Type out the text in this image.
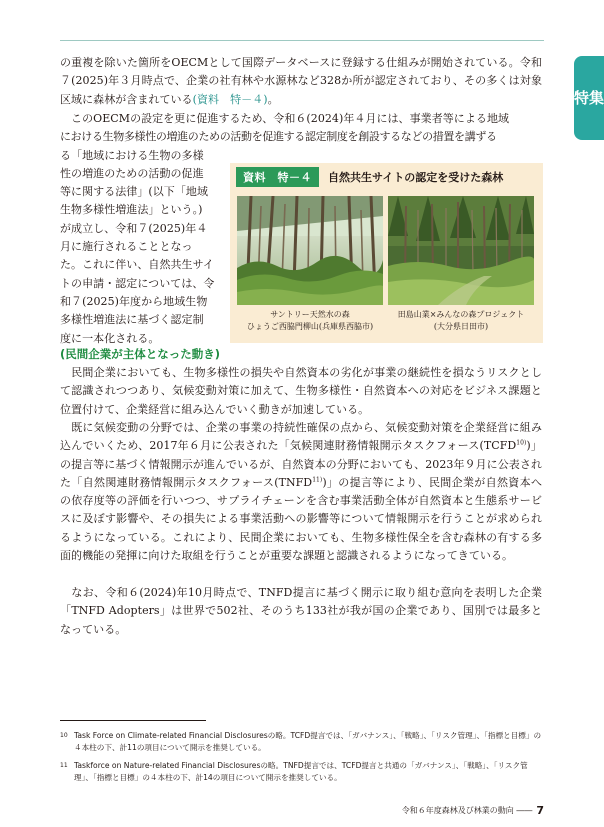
特集

の重複を除いた箇所をOECMとして国際データベースに登録する仕組みが開始されている。令和７(2025)年３月時点で、企業の社有林や水源林など328か所が認定されており、その多くは対象区域に森林が含まれている(資料　特－４)。

　このOECMの設定を更に促進するため、令和６(2024)年４月には、事業者等による地域
における生物多様性の増進のための活動を促進する認定制度を創設するなどの措置を講ずる
る「地域における生物の多様
性の増進のための活動の促進
等に関する法律」(以下「地域
生物多様性増進法」という。)
が成立し、令和７(2025)年４
月に施行されることとなっ
た。これに伴い、自然共生サイ
トの申請・認定については、令
和７(2025)年度から地域生物
多様性増進法に基づく認定制
度に一本化される。
資料　特－４	自然共生サイトの認定を受けた森林
サントリー天然水の森
ひょうご西脇門柳山(兵庫県西脇市)
田島山業×みんなの森プロジェクト
(大分県日田市)

(民間企業が主体となった動き)

　民間企業においても、生物多様性の損失や自然資本の劣化が事業の継続性を損なうリスクとして認識されつつあり、気候変動対策に加えて、生物多様性・自然資本への対応をビジネス課題と位置付けて、企業経営に組み込んでいく動きが加速している。

　既に気候変動の分野では、企業の事業の持続性確保の点から、気候変動対策を企業経営に組み込んでいくため、2017年６月に公表された「気候関連財務情報開示タスクフォース(TCFD$^{10)}$)」の提言等に基づく情報開示が進んでいるが、自然資本の分野においても、2023年９月に公表された「自然関連財務情報開示タスクフォース(TNFD$^{11)}$)」の提言等により、民間企業が自然資本への依存度等の評価を行いつつ、サプライチェーンを含む事業活動全体が自然資本と生態系サービスに及ぼす影響や、その損失による事業活動への影響等について情報開示を行うことが求められるようになっている。これにより、民間企業においても、生物多様性保全を含む森林の有する多面的機能の発揮に向けた取組を行うことが重要な課題と認識されるようになってきている。

　なお、令和６(2024)年10月時点で、TNFD提言に基づく開示に取り組む意向を表明した企業「TNFD Adopters」は世界で502社、そのうち133社が我が国の企業であり、国別では最多となっている。

10 Task Force on Climate-related Financial Disclosuresの略。TCFD提言では、「ガバナンス」、「戦略」、「リスク管理」、「指標と目標」の４本柱の下、計11の項目について開示を推奨している。
11 Taskforce on Nature-related Financial Disclosuresの略。TNFD提言では、TCFD提言と共通の「ガバナンス」、「戦略」、「リスク管理」、「指標と目標」の４本柱の下、計14の項目について開示を推奨している。
令和６年度森林及び林業の動向 ―― 7
